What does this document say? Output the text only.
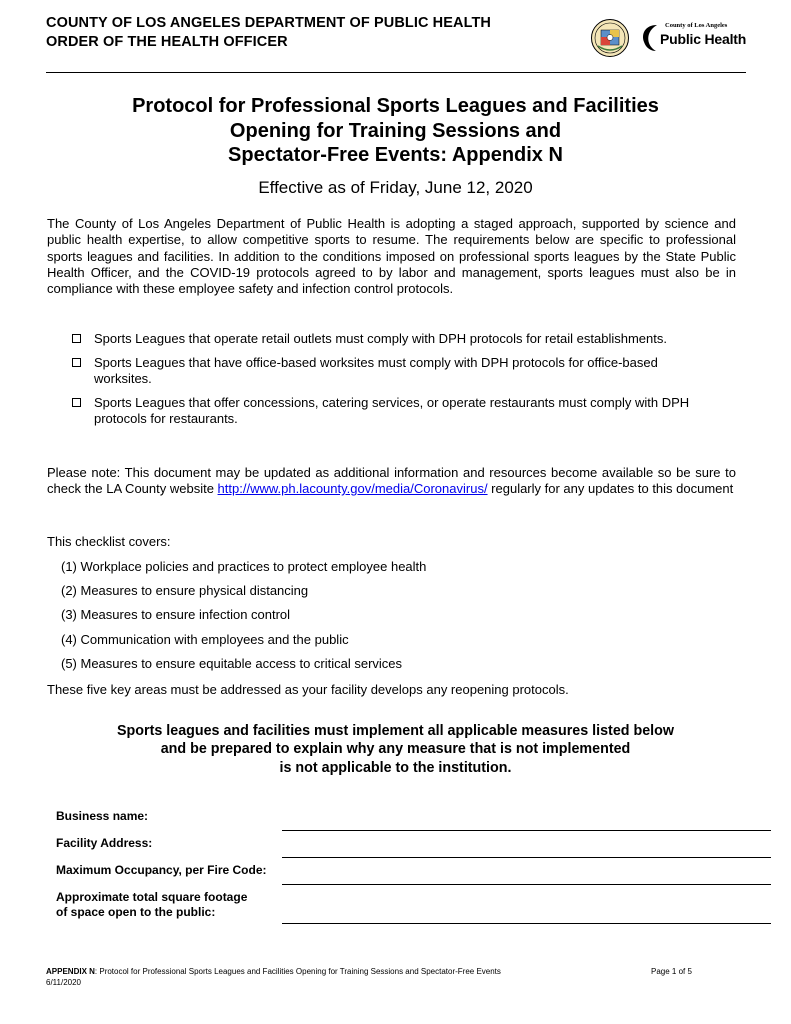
COUNTY OF LOS ANGELES DEPARTMENT OF PUBLIC HEALTH
ORDER OF THE HEALTH OFFICER
County of Los Angeles
Public Health
Protocol for Professional Sports Leagues and Facilities
Opening for Training Sessions and
Spectator-Free Events: Appendix N
Effective as of Friday, June 12, 2020
The County of Los Angeles Department of Public Health is adopting a staged approach, supported by science and public health expertise, to allow competitive sports to resume. The requirements below are specific to professional sports leagues and facilities. In addition to the conditions imposed on professional sports leagues by the State Public Health Officer, and the COVID-19 protocols agreed to by labor and management, sports leagues must also be in compliance with these employee safety and infection control protocols.
Sports Leagues that operate retail outlets must comply with DPH protocols for retail establishments.
Sports Leagues that have office-based worksites must comply with DPH protocols for office-based worksites.
Sports Leagues that offer concessions, catering services, or operate restaurants must comply with DPH protocols for restaurants.
Please note: This document may be updated as additional information and resources become available so be sure to check the LA County website http://www.ph.lacounty.gov/media/Coronavirus/ regularly for any updates to this document
This checklist covers:
(1) Workplace policies and practices to protect employee health
(2) Measures to ensure physical distancing
(3) Measures to ensure infection control
(4) Communication with employees and the public
(5) Measures to ensure equitable access to critical services
These five key areas must be addressed as your facility develops any reopening protocols.
Sports leagues and facilities must implement all applicable measures listed below
and be prepared to explain why any measure that is not implemented
is not applicable to the institution.
Business name:
Facility Address:
Maximum Occupancy, per Fire Code:
Approximate total square footage
of space open to the public:
APPENDIX N: Protocol for Professional Sports Leagues and Facilities Opening for Training Sessions and Spectator-Free Events
6/11/2020
Page 1 of 5
